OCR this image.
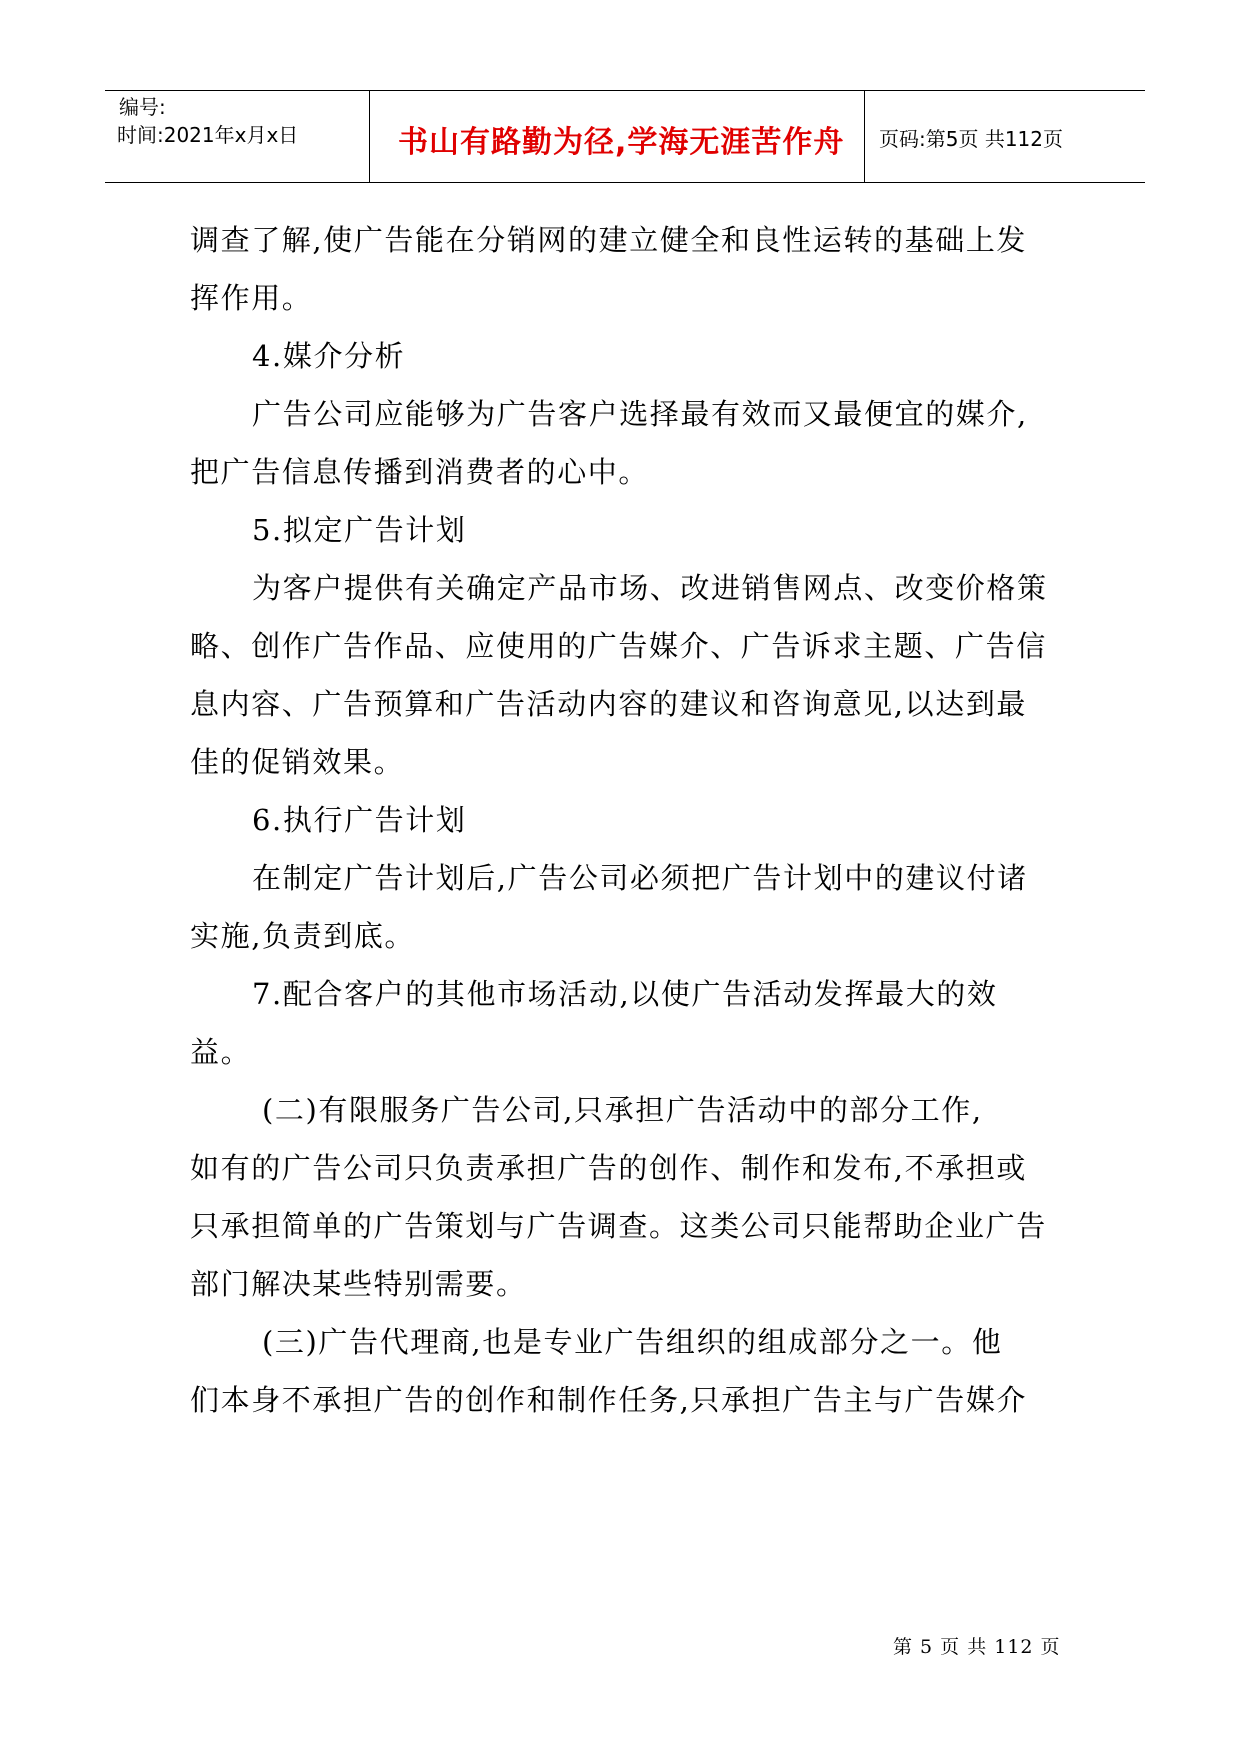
编号:
时间:2021年x月x日	书山有路勤为径,学海无涯苦作舟 页码:第5页 共112页
调查了解,使广告能在分销网的建立健全和良性运转的基础上发
挥作用。
4.媒介分析
广告公司应能够为广告客户选择最有效而又最便宜的媒介,
把广告信息传播到消费者的心中。
5.拟定广告计划
为客户提供有关确定产品市场、改进销售网点、改变价格策
略、创作广告作品、应使用的广告媒介、广告诉求主题、广告信
息内容、广告预算和广告活动内容的建议和咨询意见,以达到最
佳的促销效果。
6.执行广告计划
在制定广告计划后,广告公司必须把广告计划中的建议付诸
实施,负责到底。
7.配合客户的其他市场活动,以使广告活动发挥最大的效
益。
(二)有限服务广告公司,只承担广告活动中的部分工作,
如有的广告公司只负责承担广告的创作、制作和发布,不承担或
只承担简单的广告策划与广告调查。这类公司只能帮助企业广告
部门解决某些特别需要。
(三)广告代理商,也是专业广告组织的组成部分之一。他
们本身不承担广告的创作和制作任务,只承担广告主与广告媒介
第 5 页 共 112 页
